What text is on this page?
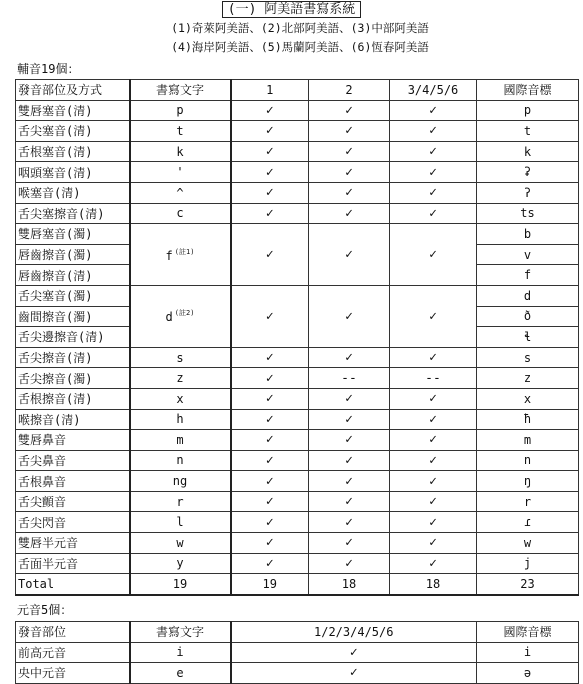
(一) 阿美語書寫系統
(1)奇萊阿美語、(2)北部阿美語、(3)中部阿美語
(4)海岸阿美語、(5)馬蘭阿美語、(6)恆春阿美語
輔音19個：
發音部位及方式	書寫文字	1	2	3/4/5/6	國際音標
雙唇塞音(清)	p	✓	✓	✓	p
舌尖塞音(清)	t	✓	✓	✓	t
舌根塞音(清)	k	✓	✓	✓	k
咽頭塞音(清)	'	✓	✓	✓	ʡ
喉塞音(清)	^	✓	✓	✓	ʔ
舌尖塞擦音(清)	c	✓	✓	✓	ts
雙唇塞音(濁)					b
唇齒擦音(濁)	f $^{(註1)}$	✓	✓	✓	v
唇齒擦音(清)					f
舌尖塞音(濁)					d
齒間擦音(濁)	d $^{(註2)}$	✓	✓	✓	ð
舌尖邊擦音(清)					ɬ
舌尖擦音(清)	s	✓	✓	✓	s
舌尖擦音(濁)	z	✓	--	--	z
舌根擦音(清)	x	✓	✓	✓	x
喉擦音(清)	h	✓	✓	✓	ħ
雙唇鼻音	m	✓	✓	✓	m
舌尖鼻音	n	✓	✓	✓	n
舌根鼻音	ng	✓	✓	✓	ŋ
舌尖顫音	r	✓	✓	✓	r
舌尖閃音	l	✓	✓	✓	ɾ
雙唇半元音	w	✓	✓	✓	w
舌面半元音	y	✓	✓	✓	j
Total	19	19	18	18	23
元音5個：
發音部位	書寫文字	1/2/3/4/5/6	國際音標
前高元音	i	✓	i
央中元音	e	✓	ə
